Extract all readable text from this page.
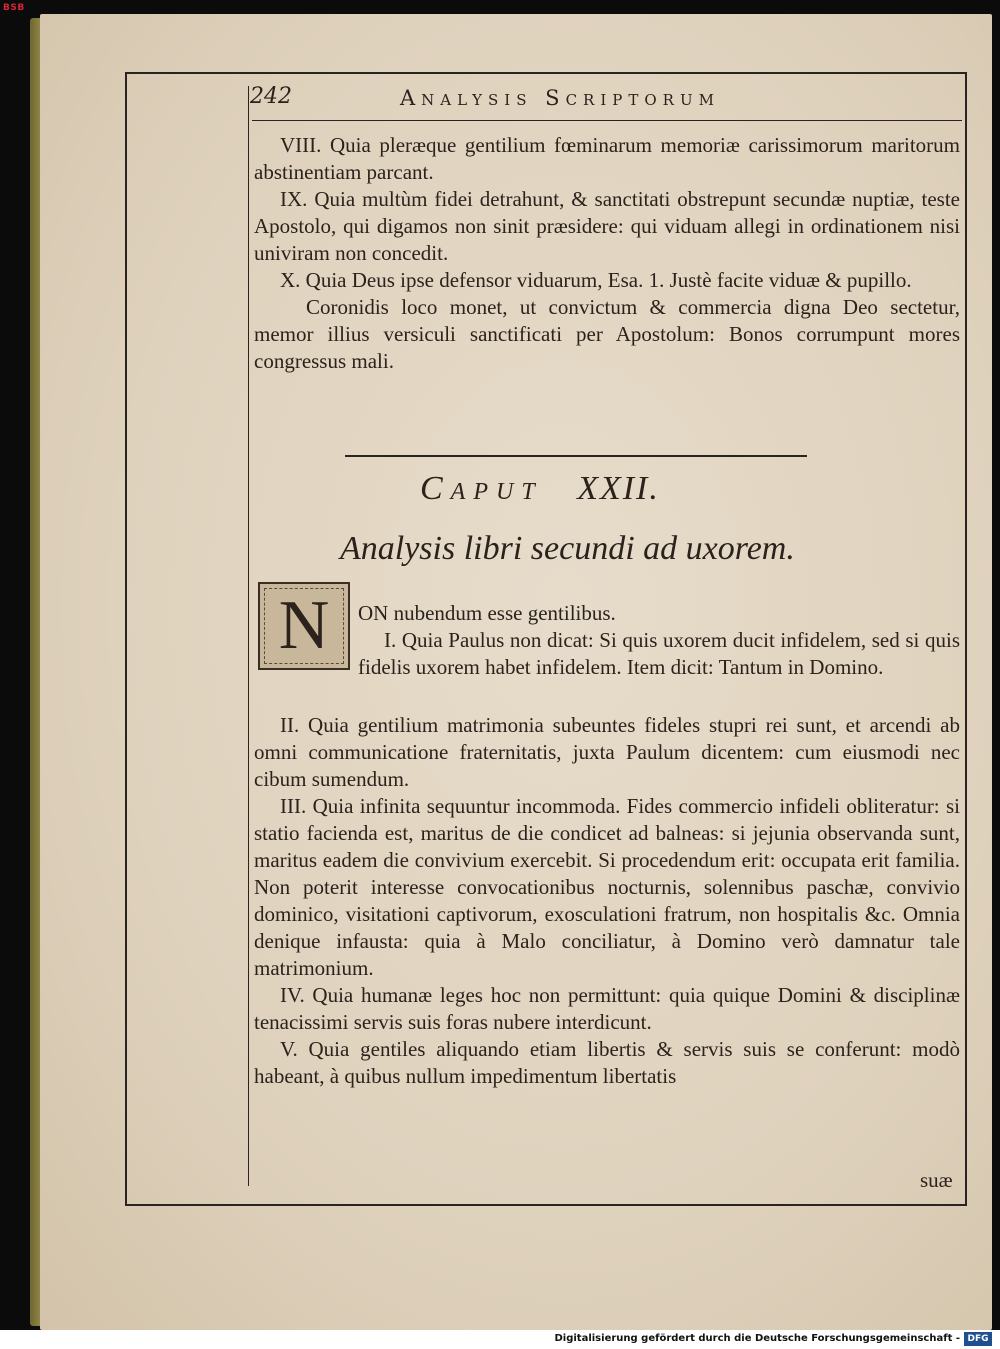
BSB
242	Analysis Scriptorum

VIII. Quia pleræque gentilium fœminarum memoriæ carissimorum maritorum abstinentiam parcant.

IX. Quia multùm fidei detrahunt, & sanctitati obstrepunt secundæ nuptiæ, teste Apostolo, qui digamos non sinit præsidere: qui viduam allegi in ordinationem nisi univiram non concedit.

X. Quia Deus ipse defensor viduarum, Esa. 1. Justè facite viduæ & pupillo.

Coronidis loco monet, ut convictum & commercia digna Deo sectetur, memor illius versiculi sanctificati per Apostolum: Bonos corrumpunt mores congressus mali.

Caput XXII.
Analysis libri secundi ad uxorem.
N	ON nubendum esse gentilibus.

I. Quia Paulus non dicat: Si quis uxorem ducit infidelem, sed si quis fidelis uxorem habet infidelem. Item dicit: Tantum in Domino.

II. Quia gentilium matrimonia subeuntes fideles stupri rei sunt, et arcendi ab omni communicatione fraternitatis, juxta Paulum dicentem: cum eiusmodi nec cibum sumendum.

III. Quia infinita sequuntur incommoda. Fides commercio infideli obliteratur: si statio facienda est, maritus de die condicet ad balneas: si jejunia observanda sunt, maritus eadem die convivium exercebit. Si procedendum erit: occupata erit familia. Non poterit interesse convocationibus nocturnis, solennibus paschæ, convivio dominico, visitationi captivorum, exosculationi fratrum, non hospitalis &c. Omnia denique infausta: quia à Malo conciliatur, à Domino verò damnatur tale matrimonium.

IV. Quia humanæ leges hoc non permittunt: quia quique Domini & disciplinæ tenacissimi servis suis foras nubere interdicunt.

V. Quia gentiles aliquando etiam libertis & servis suis se conferunt: modò habeant, à quibus nullum impedimentum libertatis

suæ
Digitalisierung gefördert durch die Deutsche Forschungsgemeinschaft - DFG
